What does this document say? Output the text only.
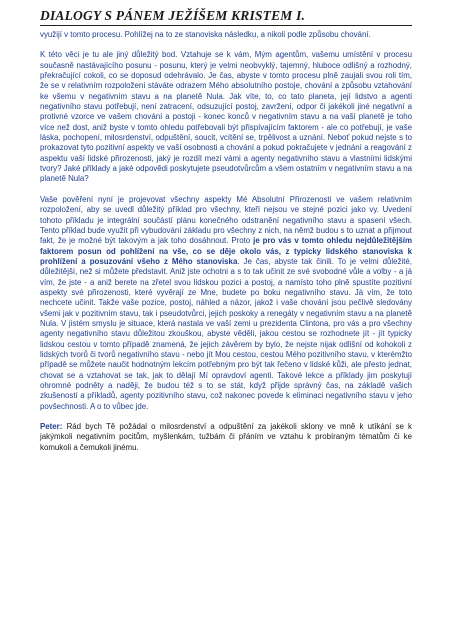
DIALOGY S PÁNEM JEŽÍŠEM KRISTEM I.

využijí v tomto procesu. Pohlížej na to ze stanoviska následku, a nikoli podle způsobu chování.

K této věci je tu ale jiný důležitý bod. Vztahuje se k vám, Mým agentům, vašemu umístění v procesu současně nastávajícího posunu - posunu, který je velmi neobvyklý, tajemný, hluboce odlišný a rozhodný, překračující cokoli, co se doposud odehrávalo. Je čas, abyste v tomto procesu plně zaujali svou roli tím, že se v relativním rozpoložení stáváte odrazem Mého absolutního postoje, chování a způsobu vztahování ke všemu v negativním stavu a na planetě Nula. Jak víte, to, co tato planeta, její lidstvo a agenti negativního stavu potřebují, není zatracení, odsuzující postoj, zavržení, odpor či jakékoli jiné negativní a protivné vzorce ve vašem chování a postoji - konec konců v negativním stavu a na vaší planetě je toho více než dost, aniž byste v tomto ohledu potřebovali být přispívajícím faktorem - ale co potřebují, je vaše láska, pochopení, milosrdenství, odpuštění, soucit, vcítění se, trpělivost a uznání. Neboť pokud nejste s to prokazovat tyto pozitivní aspekty ve vaší osobnosti a chování a pokud pokračujete v jednání a reagování z aspektu vaší lidské přirozenosti, jaký je rozdíl mezi vámi a agenty negativního stavu a vlastními lidskými tvory? Jaké příklady a jaké odpovědi poskytujete pseudotvůrcům a všem ostatním v negativním stavu a na planetě Nula?

Vaše pověření nyní je projevovat všechny aspekty Mé Absolutní Přirozenosti ve vašem relativním rozpoložení, aby se uvedl důležitý příklad pro všechny, kteří nejsou ve stejné pozici jako vy. Uvedení tohoto příkladu je integrální součástí plánu konečného odstranění negativního stavu a spasení všech. Tento příklad bude využit při vybudování základu pro všechny z nich, na němž budou s to uznat a přijmout fakt, že je možné být takovým a jak toho dosáhnout. Proto je pro vás v tomto ohledu nejdůležitějším faktorem posun od pohlížení na vše, co se děje okolo vás, z typicky lidského stanoviska k prohlížení a posuzování všeho z Mého stanoviska. Je čas, abyste tak činili. To je velmi důležité, důležitější, než si můžete představit. Aniž jste ochotni a s to tak učinit ze své svobodné vůle a volby - a já vím, že jste - a aniž berete na zřetel svou lidskou pozici a postoj, a namísto toho plně spustíte pozitivní aspekty své přirozenosti, které vyvěrají ze Mne, budete po boku negativního stavu. Já vím, že toto nechcete učinit. Takže vaše pozice, postoj, náhled a názor, jakož i vaše chování jsou pečlivě sledovány všemi jak v pozitivním stavu, tak i pseudotvůrci, jejich poskoky a renegáty v negativním stavu a na planetě Nula. V jistém smyslu je situace, která nastala ve vaší zemi u prezidenta Clintona, pro vás a pro všechny agenty negativního stavu důležitou zkouškou, abyste věděli, jakou cestou se rozhodnete jít - jít typicky lidskou cestou v tomto případě znamená, že jejich závěrem by bylo, že nejste nijak odlišní od kohokoli z lidských tvorů či tvorů negativního stavu - nebo jít Mou cestou, cestou Mého pozitivního stavu, v kterémžto případě se můžete naučit hodnotným lekcím potřebným pro být tak řečeno v lidské kůži, ale přesto jednat, chovat se a vztahovat se tak, jak to dělají Mí opravdoví agenti. Takové lekce a příklady jim poskytují ohromné podněty a naději, že budou též s to se stát, když přijde správný čas, na základě vašich zkušeností a příkladů, agenty pozitivního stavu, což nakonec povede k eliminaci negativního stavu v jeho povšechnosti. A o to vůbec jde.

Peter: Rád bych Tě požádal o milosrdenství a odpuštění za jakékoli sklony ve mně k utíkání se k jakýmkoli negativním pocitům, myšlenkám, tužbám či přáním ve vztahu k probíraným tématům či ke komukoli a čemukoli jinému.
